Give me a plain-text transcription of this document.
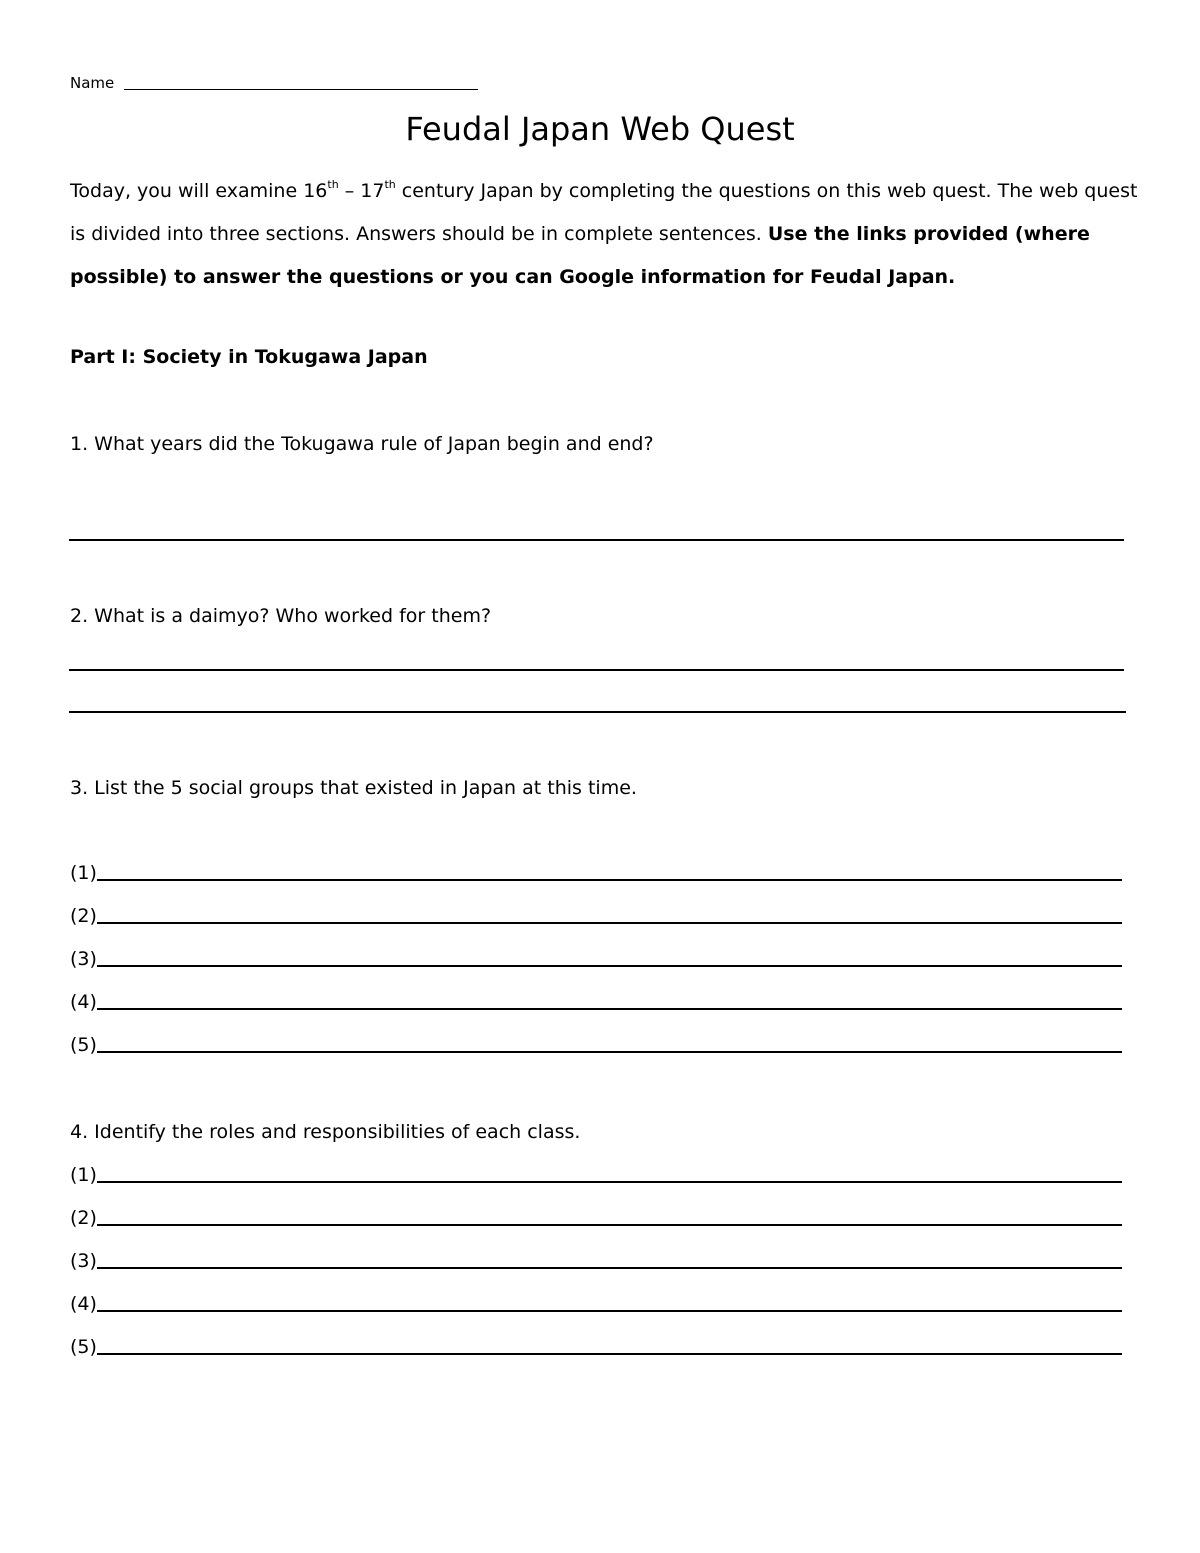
Name
Feudal Japan Web Quest

Today, you will examine 16th – 17th century Japan by completing the questions on this web quest. The web quest is divided into three sections. Answers should be in complete sentences. Use the links provided (where possible) to answer the questions or you can Google information for Feudal Japan.

Part I: Society in Tokugawa Japan

1. What years did the Tokugawa rule of Japan begin and end?

2. What is a daimyo? Who worked for them?

3. List the 5 social groups that existed in Japan at this time.

(1)
(2)
(3)
(4)
(5)

4. Identify the roles and responsibilities of each class.

(1)
(2)
(3)
(4)
(5)
